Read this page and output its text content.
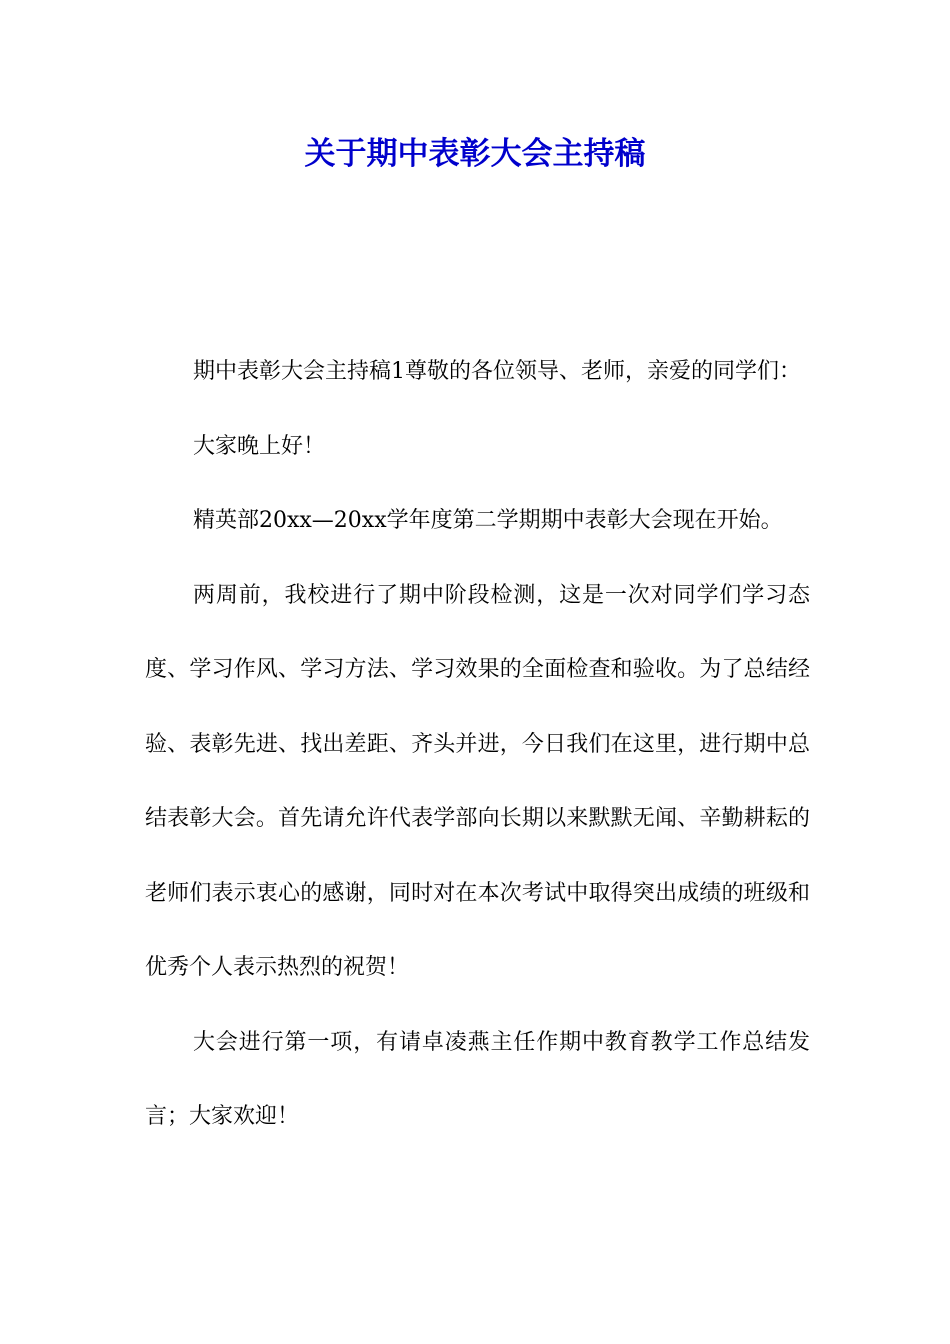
关于期中表彰大会主持稿

期中表彰大会主持稿1尊敬的各位领导、老师，亲爱的同学们：

大家晚上好！

精英部20xx—20xx学年度第二学期期中表彰大会现在开始。

两周前，我校进行了期中阶段检测，这是一次对同学们学习态度、学习作风、学习方法、学习效果的全面检查和验收。为了总结经验、表彰先进、找出差距、齐头并进，今日我们在这里，进行期中总结表彰大会。首先请允许代表学部向长期以来默默无闻、辛勤耕耘的老师们表示衷心的感谢，同时对在本次考试中取得突出成绩的班级和优秀个人表示热烈的祝贺！

大会进行第一项，有请卓凌燕主任作期中教育教学工作总结发言；大家欢迎！
